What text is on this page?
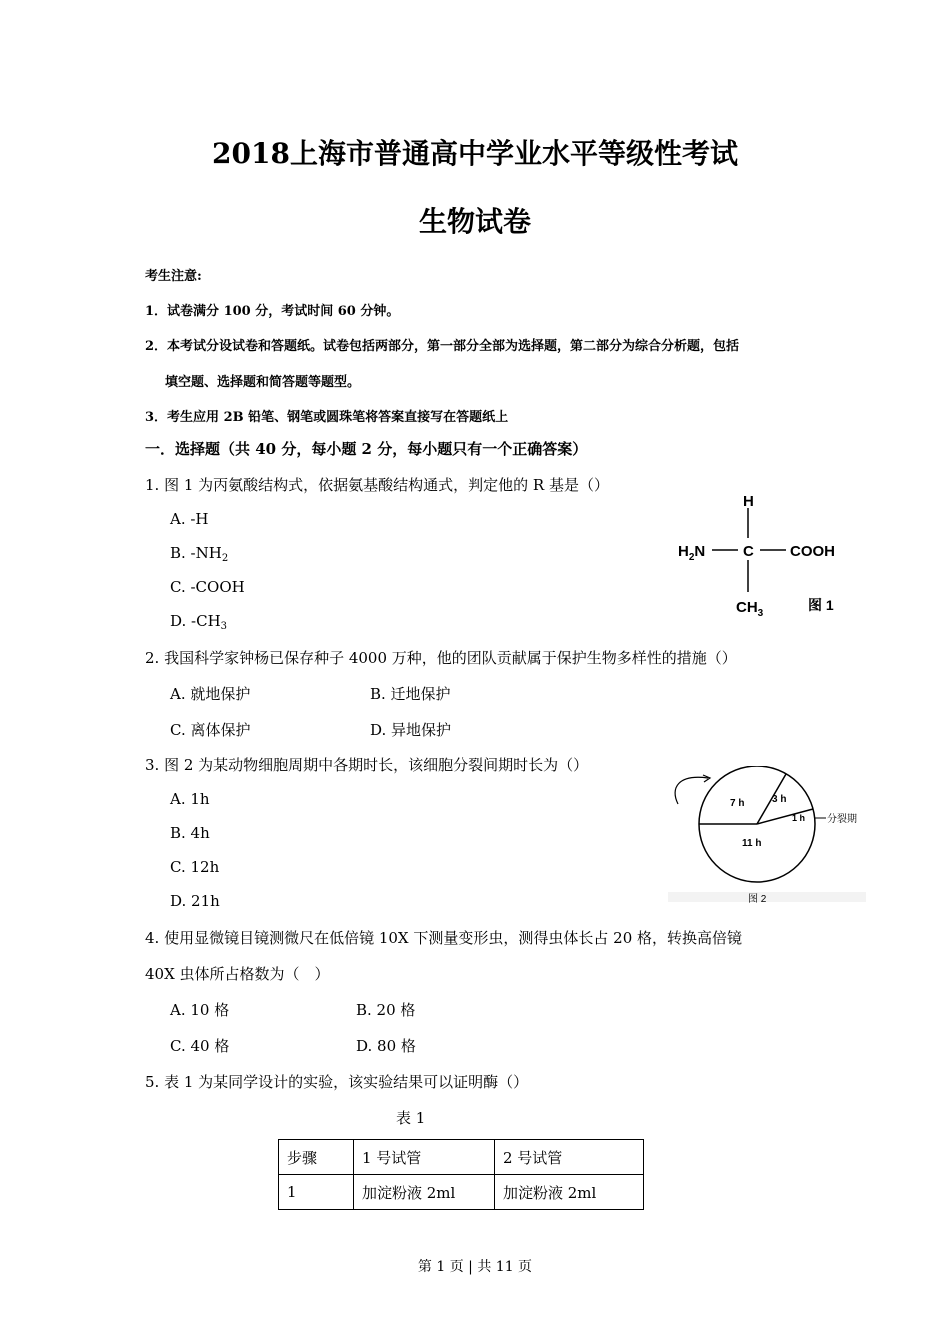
2018上海市普通高中学业水平等级性考试
生物试卷
考生注意:
1．试卷满分 100 分，考试时间 60 分钟。
2．本考试分设试卷和答题纸。试卷包括两部分，第一部分全部为选择题，第二部分为综合分析题，包括
填空题、选择题和简答题等题型。
3．考生应用 2B 铅笔、钢笔或圆珠笔将答案直接写在答题纸上
一．选择题（共 40 分，每小题 2 分，每小题只有一个正确答案）
1. 图 1 为丙氨酸结构式，依据氨基酸结构通式，判定他的 R 基是（）
A. -H
B. $-NH_2$
C. -COOH
D. $-CH_3$
H
$H_2N$	C COOH
$CH_3$
图 1
2. 我国科学家钟杨已保存种子 4000 万种，他的团队贡献属于保护生物多样性的措施（）
A. 就地保护	B. 迁地保护
C. 离体保护	D. 异地保护
3. 图 2 为某动物细胞周期中各期时长，该细胞分裂间期时长为（）
A. 1h
B. 4h
C. 12h
D. 21h
7 h	3 h
1 h
11 h
分裂期
图 2
4. 使用显微镜目镜测微尺在低倍镜 10X 下测量变形虫，测得虫体长占 20 格，转换高倍镜
40X 虫体所占格数为（　）
A. 10 格	B. 20 格
C. 40 格	D. 80 格
5. 表 1 为某同学设计的实验，该实验结果可以证明酶（）
表 1
步骤	1 号试管	2 号试管
1	加淀粉液 2ml	加淀粉液 2ml
第 1 页 | 共 11 页
